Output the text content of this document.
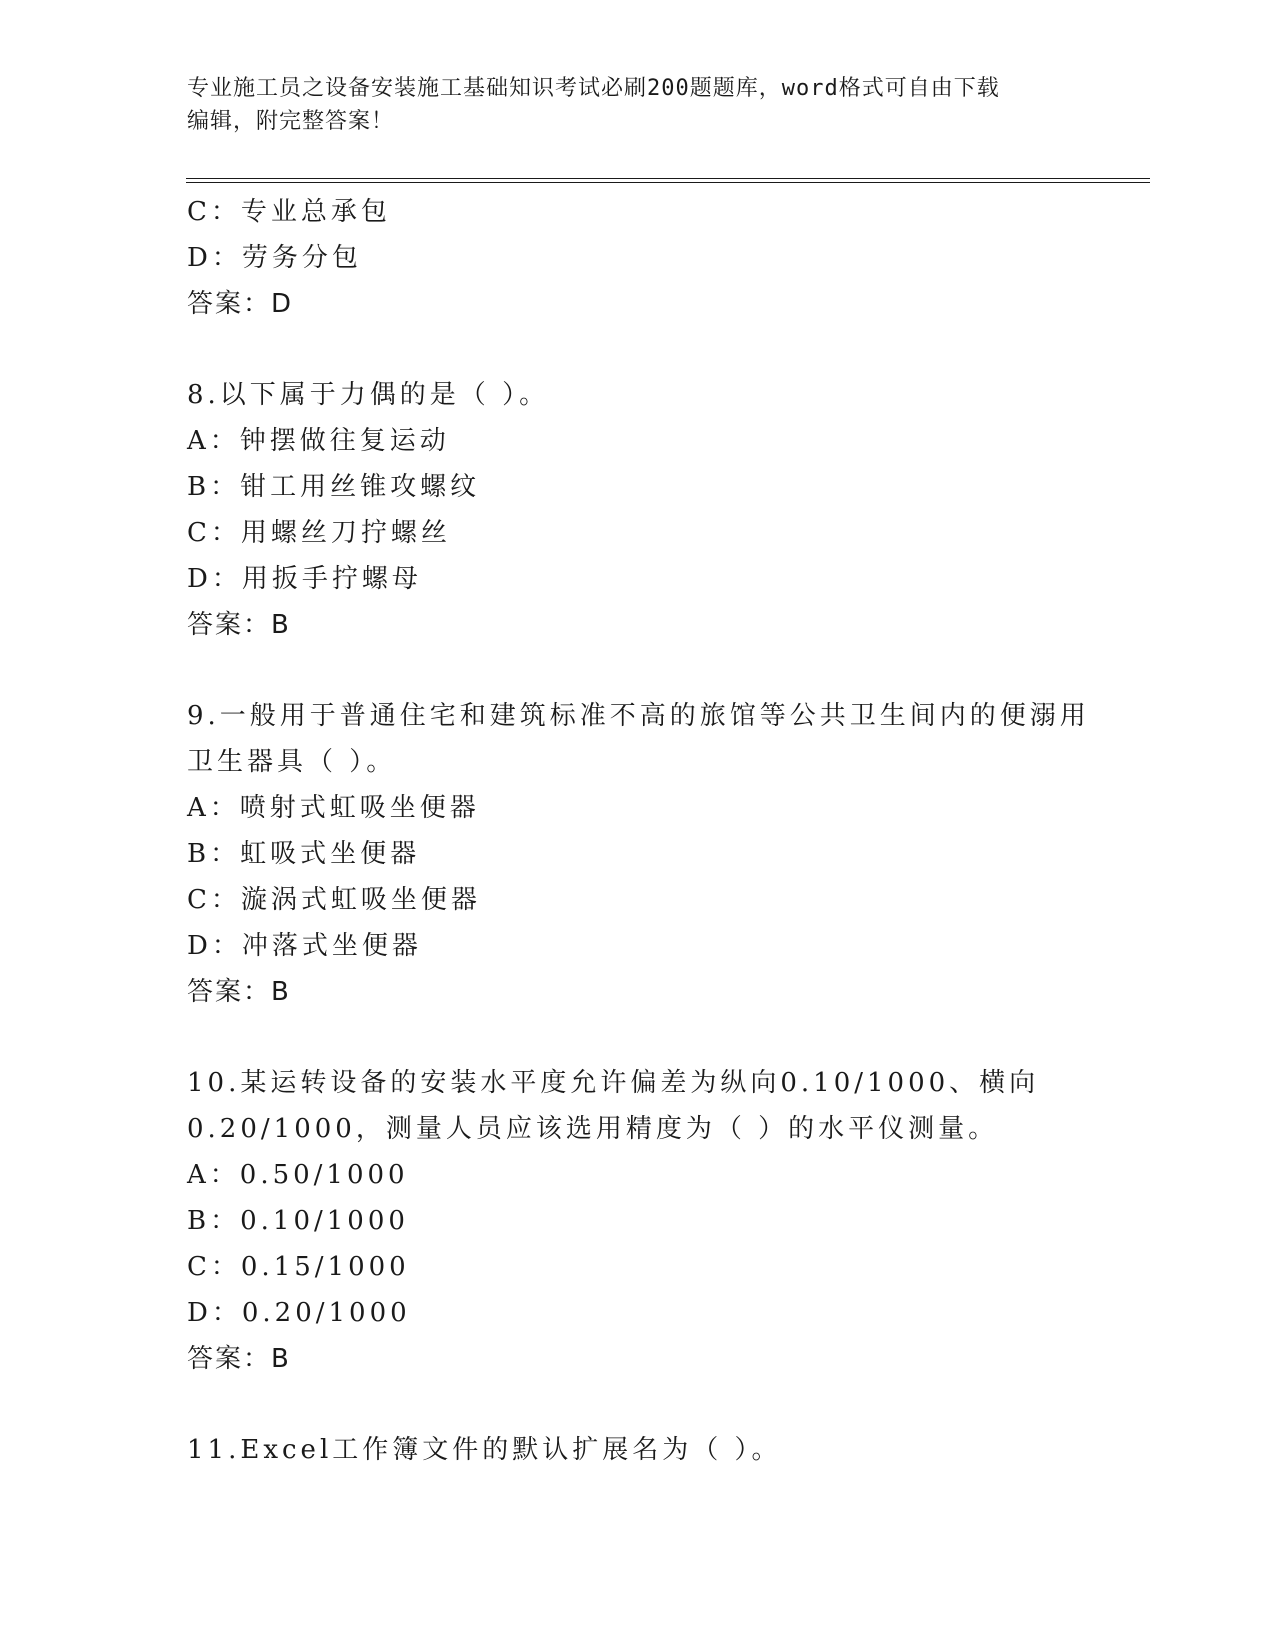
专业施工员之设备安装施工基础知识考试必刷200题题库，word格式可自由下载
编辑，附完整答案！
C：专业总承包
D：劳务分包
答案：D
8.以下属于力偶的是（ ）。
A：钟摆做往复运动
B：钳工用丝锥攻螺纹
C：用螺丝刀拧螺丝
D：用扳手拧螺母
答案：B
9.一般用于普通住宅和建筑标准不高的旅馆等公共卫生间内的便溺用
卫生器具（ ）。
A：喷射式虹吸坐便器
B：虹吸式坐便器
C：漩涡式虹吸坐便器
D：冲落式坐便器
答案：B
10.某运转设备的安装水平度允许偏差为纵向0.10/1000、横向
0.20/1000，测量人员应该选用精度为（ ）的水平仪测量。
A：0.50/1000
B：0.10/1000
C：0.15/1000
D：0.20/1000
答案：B
11.Excel工作簿文件的默认扩展名为（ ）。
